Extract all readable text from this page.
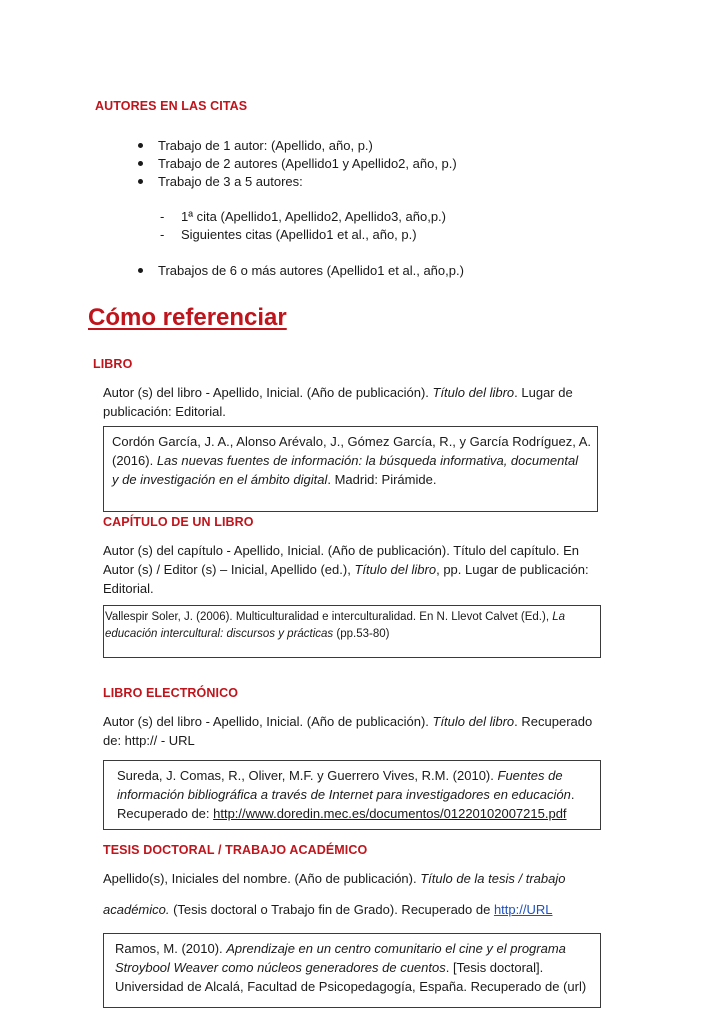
AUTORES EN LAS CITAS
Trabajo de 1 autor: (Apellido, año, p.)
Trabajo de 2 autores (Apellido1 y Apellido2, año, p.)
Trabajo de 3 a 5 autores:
- 1ª cita (Apellido1, Apellido2, Apellido3, año,p.)
- Siguientes citas (Apellido1 et al., año, p.)
Trabajos de 6 o más autores (Apellido1 et al., año,p.)
Cómo referenciar
LIBRO
Autor (s) del libro - Apellido, Inicial. (Año de publicación). Título del libro. Lugar de
publicación: Editorial.
Cordón García, J. A., Alonso Arévalo, J., Gómez García, R., y García Rodríguez, A.
(2016). Las nuevas fuentes de información: la búsqueda informativa, documental
y de investigación en el ámbito digital. Madrid: Pirámide.
CAPÍTULO DE UN LIBRO
Autor (s) del capítulo - Apellido, Inicial. (Año de publicación). Título del capítulo. En
Autor (s) / Editor (s) – Inicial, Apellido (ed.), Título del libro, pp. Lugar de publicación:
Editorial.
Vallespir Soler, J. (2006). Multiculturalidad e interculturalidad. En N. Llevot Calvet (Ed.), La
educación intercultural: discursos y prácticas (pp.53-80)
LIBRO ELECTRÓNICO
Autor (s) del libro - Apellido, Inicial. (Año de publicación). Título del libro. Recuperado
de: http:// - URL
Sureda, J. Comas, R., Oliver, M.F. y Guerrero Vives, R.M. (2010). Fuentes de
información bibliográfica a través de Internet para investigadores en educación.
Recuperado de: http://www.doredin.mec.es/documentos/01220102007215.pdf
TESIS DOCTORAL / TRABAJO ACADÉMICO
Apellido(s), Iniciales del nombre. (Año de publicación). Título de la tesis / trabajo
académico. (Tesis doctoral o Trabajo fin de Grado). Recuperado de http://URL
Ramos, M. (2010). Aprendizaje en un centro comunitario el cine y el programa
Stroybool Weaver como núcleos generadores de cuentos. [Tesis doctoral].
Universidad de Alcalá, Facultad de Psicopedagogía, España. Recuperado de (url)
